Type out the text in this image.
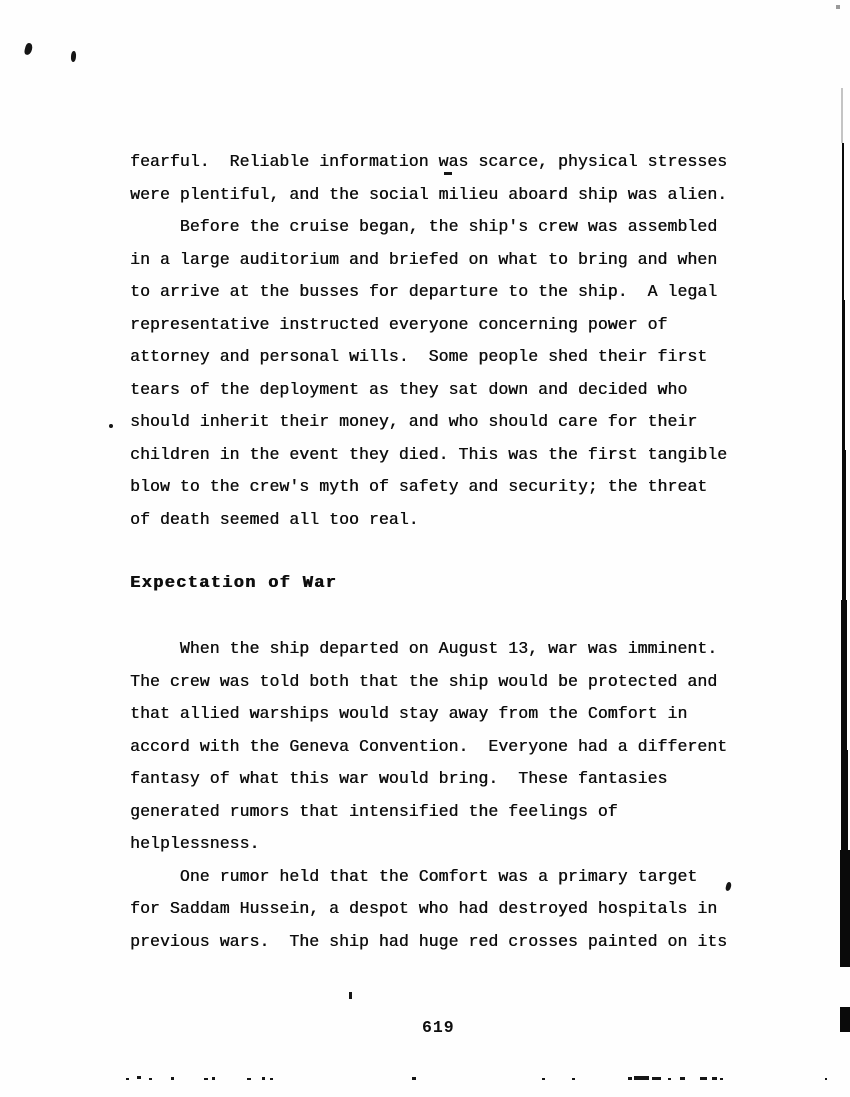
fearful.  Reliable information was scarce, physical stresses
were plentiful, and the social milieu aboard ship was alien.
Before the cruise began, the ship's crew was assembled
in a large auditorium and briefed on what to bring and when
to arrive at the busses for departure to the ship.  A legal
representative instructed everyone concerning power of
attorney and personal wills.  Some people shed their first
tears of the deployment as they sat down and decided who
should inherit their money, and who should care for their
children in the event they died. This was the first tangible
blow to the crew's myth of safety and security; the threat
of death seemed all too real.
Expectation of War
When the ship departed on August 13, war was imminent.
The crew was told both that the ship would be protected and
that allied warships would stay away from the Comfort in
accord with the Geneva Convention.  Everyone had a different
fantasy of what this war would bring.  These fantasies
generated rumors that intensified the feelings of
helplessness.
One rumor held that the Comfort was a primary target
for Saddam Hussein, a despot who had destroyed hospitals in
previous wars.  The ship had huge red crosses painted on its
619
